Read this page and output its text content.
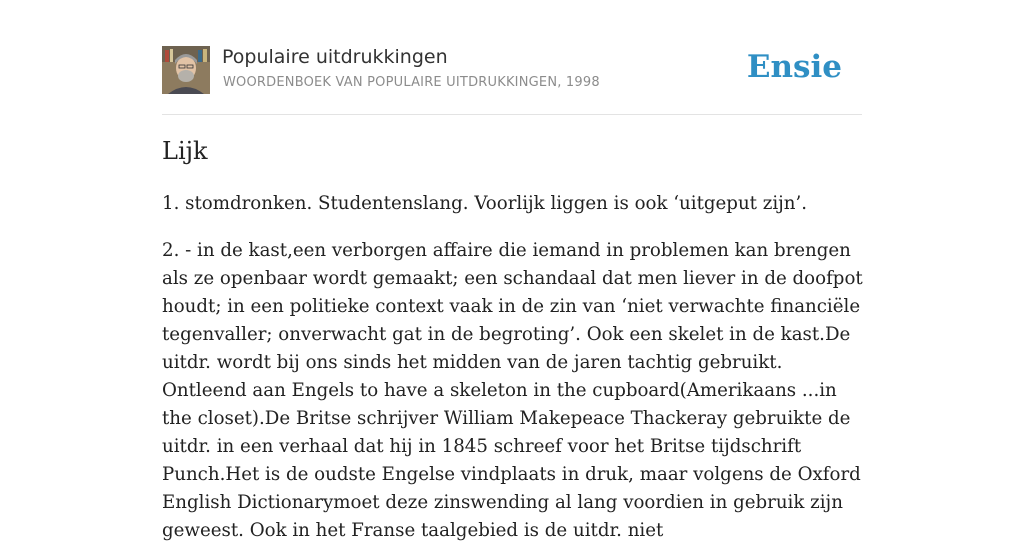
Populaire uitdrukkingen
WOORDENBOEK VAN POPULAIRE UITDRUKKINGEN, 1998	Ensie
Lijk

1. stomdronken. Studentenslang. Voorlijk liggen is ook ‘uitgeput zijn’.

2. - in de kast,een verborgen affaire die iemand in problemen kan brengen als ze openbaar wordt gemaakt; een schandaal dat men liever in de doofpot houdt; in een politieke context vaak in de zin van ‘niet verwachte financiële tegenvaller; onverwacht gat in de begroting’. Ook een skelet in de kast.De uitdr. wordt bij ons sinds het midden van de jaren tachtig gebruikt. Ontleend aan Engels to have a skeleton in the cupboard(Amerikaans ...in the closet).De Britse schrijver William Makepeace Thackeray gebruikte de uitdr. in een verhaal dat hij in 1845 schreef voor het Britse tijdschrift Punch.Het is de oudste Engelse vindplaats in druk, maar volgens de Oxford English Dictionarymoet deze zinswending al lang voordien in gebruik zijn geweest. Ook in het Franse taalgebied is de uitdr. niet
